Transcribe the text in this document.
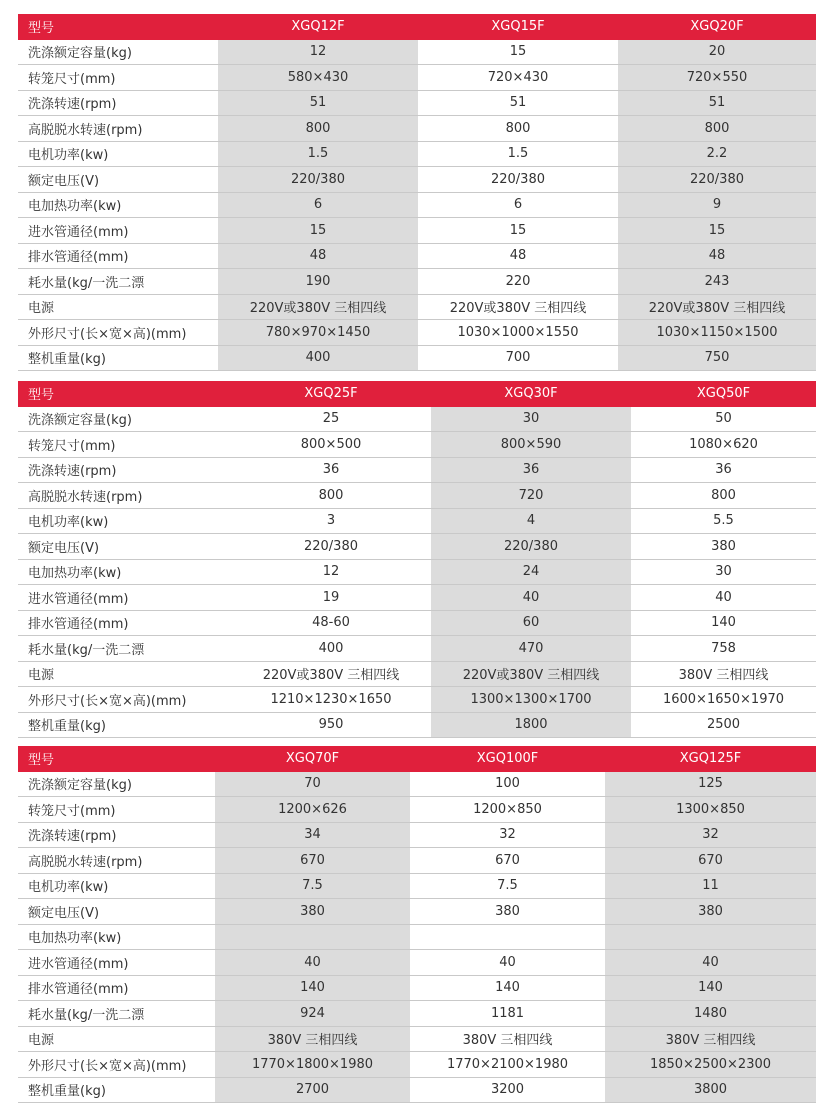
型号	XGQ12F	XGQ15F	XGQ20F
洗涤额定容量(kg)	12	15	20
转笼尺寸(mm)	580×430	720×430	720×550
洗涤转速(rpm)	51	51	51
高脱脱水转速(rpm)	800	800	800
电机功率(kw)	1.5	1.5	2.2
额定电压(V)	220/380	220/380	220/380
电加热功率(kw)	6	6	9
进水管通径(mm)	15	15	15
排水管通径(mm)	48	48	48
耗水量(kg/一洗二漂	190	220	243
电源	220V或380V 三相四线	220V或380V 三相四线	220V或380V 三相四线
外形尺寸(长×宽×高)(mm)	780×970×1450	1030×1000×1550	1030×1150×1500
整机重量(kg)	400	700	750
型号	XGQ25F	XGQ30F	XGQ50F
洗涤额定容量(kg)	25	30	50
转笼尺寸(mm)	800×500	800×590	1080×620
洗涤转速(rpm)	36	36	36
高脱脱水转速(rpm)	800	720	800
电机功率(kw)	3	4	5.5
额定电压(V)	220/380	220/380	380
电加热功率(kw)	12	24	30
进水管通径(mm)	19	40	40
排水管通径(mm)	48-60	60	140
耗水量(kg/一洗二漂	400	470	758
电源	220V或380V 三相四线	220V或380V 三相四线	380V 三相四线
外形尺寸(长×宽×高)(mm)	1210×1230×1650	1300×1300×1700	1600×1650×1970
整机重量(kg)	950	1800	2500
型号	XGQ70F	XGQ100F	XGQ125F
洗涤额定容量(kg)	70	100	125
转笼尺寸(mm)	1200×626	1200×850	1300×850
洗涤转速(rpm)	34	32	32
高脱脱水转速(rpm)	670	670	670
电机功率(kw)	7.5	7.5	11
额定电压(V)	380	380	380
电加热功率(kw)
进水管通径(mm)	40	40	40
排水管通径(mm)	140	140	140
耗水量(kg/一洗二漂	924	1181	1480
电源	380V 三相四线	380V 三相四线	380V 三相四线
外形尺寸(长×宽×高)(mm)	1770×1800×1980	1770×2100×1980	1850×2500×2300
整机重量(kg)	2700	3200	3800
